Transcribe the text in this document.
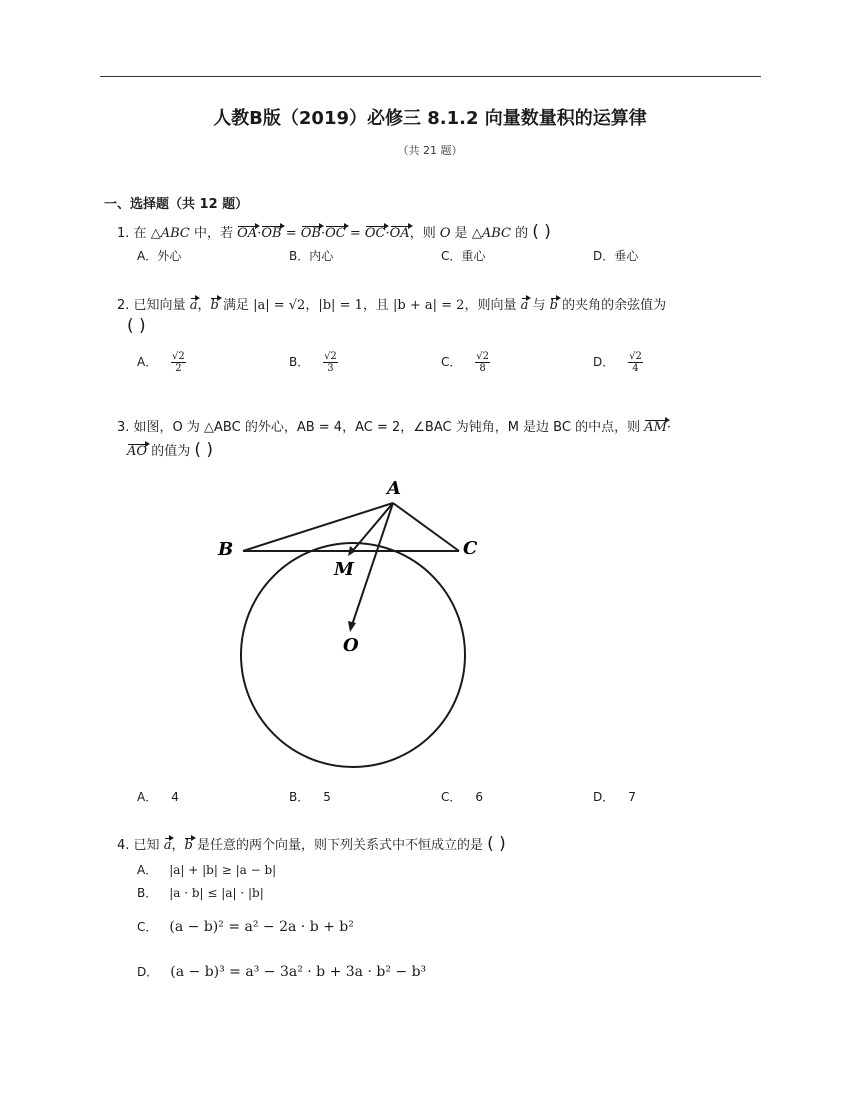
人教B版（2019）必修三 8.1.2 向量数量积的运算律
（共 21 题）
一、选择题（共 12 题）
1. 在 △ABC 中，若 OA·OB = OB·OC = OC·OA，则 O 是 △ABC 的 ( )
A．外心	B．内心	C．重心	D．垂心
2. 已知向量 a，b 满足 |a| = √2，|b| = 1，且 |b + a| = 2，则向量 a 与 b 的夹角的余弦值为
( )
A． $\frac{√2}{2}$	B． $\frac{√2}{3}$	C． $\frac{√2}{8}$	D． $\frac{√2}{4}$
3. 如图，O 为 △ABC 的外心，AB = 4，AC = 2，∠BAC 为钝角，M 是边 BC 的中点，则 AM·
AO 的值为 ( )
A
B	C
M
O
A． 4	B． 5	C． 6	D． 7
4. 已知 a，b 是任意的两个向量，则下列关系式中不恒成立的是 ( )
A． |a| + |b| ≥ |a − b|
B． |a · b| ≤ |a| · |b|
C． (a − b)² = a² − 2a · b + b²
D． (a − b)³ = a³ − 3a² · b + 3a · b² − b³
